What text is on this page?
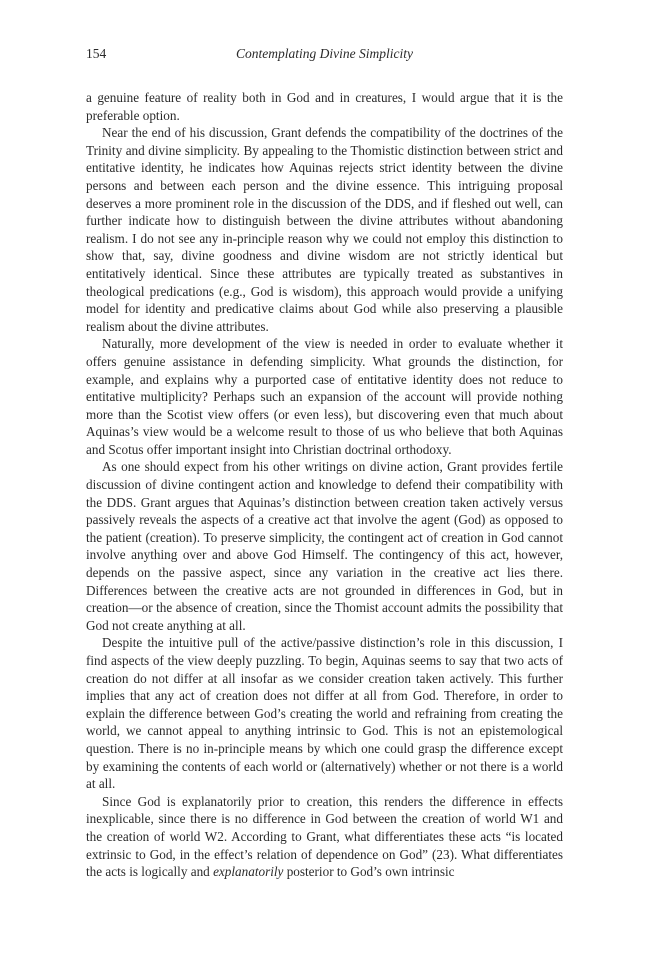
154	Contemplating Divine Simplicity

a genuine feature of reality both in God and in creatures, I would argue that it is the preferable option.

Near the end of his discussion, Grant defends the compatibility of the doctrines of the Trinity and divine simplicity. By appealing to the Thomistic distinction between strict and entitative identity, he indicates how Aquinas rejects strict identity between the divine persons and between each person and the divine essence. This intriguing proposal deserves a more prominent role in the discussion of the DDS, and if fleshed out well, can further indicate how to distinguish between the divine attributes without abandoning realism. I do not see any in-principle reason why we could not employ this distinction to show that, say, divine goodness and divine wisdom are not strictly identical but entitatively identical. Since these attributes are typically treated as substantives in theological predications (e.g., God is wisdom), this approach would provide a unifying model for identity and predicative claims about God while also preserving a plausible realism about the divine attributes.

Naturally, more development of the view is needed in order to evaluate whether it offers genuine assistance in defending simplicity. What grounds the distinction, for example, and explains why a purported case of entitative identity does not reduce to entitative multiplicity? Perhaps such an expansion of the account will provide nothing more than the Scotist view offers (or even less), but discovering even that much about Aquinas’s view would be a welcome result to those of us who believe that both Aquinas and Scotus offer important insight into Christian doctrinal orthodoxy.

As one should expect from his other writings on divine action, Grant provides fertile discussion of divine contingent action and knowledge to defend their compatibility with the DDS. Grant argues that Aquinas’s distinction between creation taken actively versus passively reveals the aspects of a creative act that involve the agent (God) as opposed to the patient (creation). To preserve simplicity, the contingent act of creation in God cannot involve anything over and above God Himself. The contingency of this act, however, depends on the passive aspect, since any variation in the creative act lies there. Differences between the creative acts are not grounded in differences in God, but in creation—or the absence of creation, since the Thomist account admits the possibility that God not create anything at all.

Despite the intuitive pull of the active/passive distinction’s role in this discussion, I find aspects of the view deeply puzzling. To begin, Aquinas seems to say that two acts of creation do not differ at all insofar as we consider creation taken actively. This further implies that any act of creation does not differ at all from God. Therefore, in order to explain the difference between God’s creating the world and refraining from creating the world, we cannot appeal to anything intrinsic to God. This is not an epistemological question. There is no in-principle means by which one could grasp the difference except by examining the contents of each world or (alternatively) whether or not there is a world at all.

Since God is explanatorily prior to creation, this renders the difference in effects inexplicable, since there is no difference in God between the creation of world W1 and the creation of world W2. According to Grant, what differentiates these acts “is located extrinsic to God, in the effect’s relation of dependence on God” (23). What differentiates the acts is logically and explanatorily posterior to God’s own intrinsic
